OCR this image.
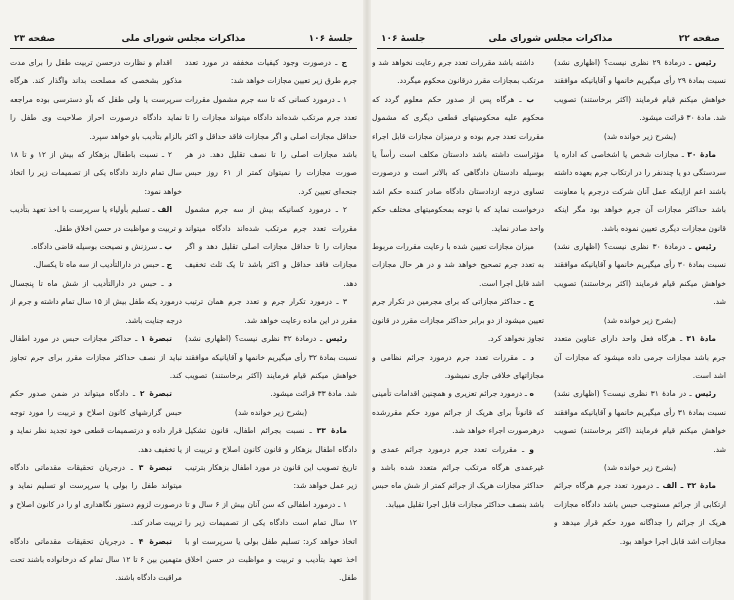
جلسهٔ ۱۰۶
مذاکرات مجلس شورای ملی
صفحه ۲۳

ج ـ درصورت وجود کیفیات مخففه در مورد تعدد جرم طرق زیر تعیین مجازات خواهد شد:

۱ ـ درمورد کسانی که تا سه جرم مشمول مقررات تعدد جرم مرتکب شده‌اند دادگاه میتواند مجازات را تا حداقل مجازات اصلی و اگر مجازات فاقد حداقل و اکثر باشد مجازات اصلی را تا نصف تقلیل دهد. در هر صورت مجازات را نمیتوان کمتر از ۶۱ روز حبس جنحه‌ای تعیین کرد.

۲ ـ درمورد کسانیکه بیش از سه جرم مشمول مقررات تعدد جرم مرتکب شده‌اند دادگاه میتواند مجازات را تا حداقل مجازات اصلی تقلیل دهد و اگر مجازات فاقد حداقل و اکثر باشد تا یک ثلث تخفیف دهد.

۳ ـ درمورد تکرار جرم و تعدد جرم همان ترتیب مقرر در این ماده رعایت خواهد شد.

رئیس ـ درمادهٔ ۳۲ نظری نیست؟ (اظهاری نشد) نسبت بمادهٔ ۳۲ رأی میگیریم خانمها و آقایانیکه موافقند خواهش میکنم قیام فرمایند (اکثر برخاستند) تصویب شد. مادهٔ ۳۳ قرائت میشود.

(بشرح زیر خوانده شد)

مادهٔ ۳۳ ـ نسبت بجرائم اطفال، قانون تشکیل دادگاه اطفال بزهکار و قانون کانون اصلاح و تربیت از تاریخ تصویب این قانون در مورد اطفال بزهکار بترتیب زیر عمل خواهد شد:

۱ ـ درمورد اطفالی که سن آنان بیش از ۶ سال و تا ۱۲ سال تمام است دادگاه یکی از تصمیمات زیر را اتخاذ خواهد کرد: تسلیم طفل بولی یا سرپرست او با اخذ تعهد بتأدیب و تربیت و مواظبت در حسن اخلاق طفل.

اقدام و نظارت درحسن تربیت طفل را برای مدت مذکور بشخصی که مصلحت بداند واگذار کند. هرگاه سرپرست یا ولی طفل که بآو دسترسی بوده مراجعه نماید دادگاه درصورت احراز صلاحیت وی طفل را بالزام بتأدیب باو خواهد سپرد.

۲ ـ نسبت باطفال بزهکار که بیش از ۱۲ و تا ۱۸ سال تمام دارند دادگاه یکی از تصمیمات زیر را اتخاذ خواهد نمود:

الف ـ تسلیم بأولیاء یا سرپرست با اخذ تعهد بتأدیب و تربیت و مواظبت در حسن اخلاق طفل.

ب ـ سرزنش و نصیحت بوسیله قاضی دادگاه.

ج ـ حبس در دارالتأدیب از سه ماه تا یکسال.

د ـ حبس در دارالتأدیب از شش ماه تا پنجسال درمورد یکه طفل بیش از ۱۵ سال تمام داشته و جرم از درجه جنایت باشد.

تبصرهٔ ۱ ـ حداکثر مجازات حبس در مورد اطفال نباید از نصف حداکثر مجازات مقرر برای جرم تجاوز کند.

تبصرهٔ ۲ ـ دادگاه میتواند در ضمن صدور حکم حبس گزارشهای کانون اصلاح و تربیت را مورد توجه قرار داده و درتصمیمات قطعی خود تجدید نظر نماید و یا تخفیف دهد.

تبصرهٔ ۳ ـ درجریان تحقیقات مقدماتی دادگاه میتواند طفل را بولی یا سرپرست او تسلیم نماید و درصورت لزوم دستور نگاهداری او را در کانون اصلاح و تربیت صادر کند.

تبصرهٔ ۴ ـ درجریان تحقیقات مقدماتی دادگاه متهمین بین ۶ تا ۱۲ سال تمام که درخانواده باشند تحت مراقبت دادگاه باشند.

صفحه ۲۲
مذاکرات مجلس شورای ملی
جلسهٔ ۱۰۶

رئیس ـ درمادهٔ ۲۹ نظری نیست؟ (اظهاری نشد) نسبت بمادهٔ ۲۹ رأی میگیریم خانمها و آقایانیکه موافقند خواهش میکنم قیام فرمایند (اکثر برخاستند) تصویب شد. مادهٔ ۳۰ قرائت میشود.

(بشرح زیر خوانده شد)

مادهٔ ۳۰ ـ مجازات شخص یا اشخاصی که اداره یا سردستگی دو یا چندنفر را در ارتکاب جرم بعهده داشته باشند اعم ازاینکه عمل آنان شرکت درجرم یا معاونت باشد حداکثر مجازات آن جرم خواهد بود مگر اینکه قانون مجازات دیگری تعیین نموده باشد.

رئیس ـ درمادهٔ ۳۰ نظری نیست؟ (اظهاری نشد) نسبت بمادهٔ ۳۰ رأی میگیریم خانمها و آقایانیکه موافقند خواهش میکنم قیام فرمایند (اکثر برخاستند) تصویب شد.

(بشرح زیر خوانده شد)

مادهٔ ۳۱ ـ هرگاه فعل واحد دارای عناوین متعدد جرم باشد مجازات جرمی داده میشود که مجازات آن اشد است.

رئیس ـ در مادهٔ ۳۱ نظری نیست؟ (اظهاری نشد) نسبت بمادهٔ ۳۱ رأی میگیریم خانمها و آقایانیکه موافقند خواهش میکنم قیام فرمایند (اکثر برخاستند) تصویب شد.

(بشرح زیر خوانده شد)

مادهٔ ۳۲ ـ الف ـ درمورد تعدد جرم هرگاه جرائم ارتکابی از جرائم مستوجب حبس باشد دادگاه مجازات هریک از جرائم را جداگانه مورد حکم قرار میدهد و مجازات اشد قابل اجرا خواهد بود.

داشته باشد مقررات تعدد جرم رعایت نخواهد شد و مرتکب بمجازات مقرر درقانون محکوم میگردد.

ب ـ هرگاه پس از صدور حکم معلوم گردد که محکوم علیه محکومیتهای قطعی دیگری که مشمول مقررات تعدد جرم بوده و درمیزان مجازات قابل اجراء مؤثراست داشته باشد دادستان مکلف است رأساً یا بوسیله دادستان دادگاهی که بالاتر است و درصورت تساوی درجه ازدادستان دادگاه صادر کننده حکم اشد درخواست نماید که با توجه بمحکومیتهای مختلف حکم واحد صادر نماید.

میزان مجازات تعیین شده با رعایت مقررات مربوط به تعدد جرم تصحیح خواهد شد و در هر حال مجازات اشد قابل اجرا است.

ج ـ حداکثر مجازاتی که برای مجرمین در تکرار جرم تعیین میشود از دو برابر حداکثر مجازات مقرر در قانون تجاوز نخواهد کرد.

د ـ مقررات تعدد جرم درمورد جرائم نظامی و مجازاتهای خلافی جاری نمیشود.

ه ـ درمورد جرائم تعزیری و همچنین اقدامات تأمینی که قانوناً برای هریک از جرائم مورد حکم مقررشده درهرصورت اجراء خواهد شد.

و ـ مقررات تعدد جرم درمورد جرائم عمدی و غیرعمدی هرگاه مرتکب جرائم متعدد شده باشد و حداکثر مجازات هریک از جرائم کمتر از شش ماه حبس باشد بنصف حداکثر مجازات قابل اجرا تقلیل مییابد.
